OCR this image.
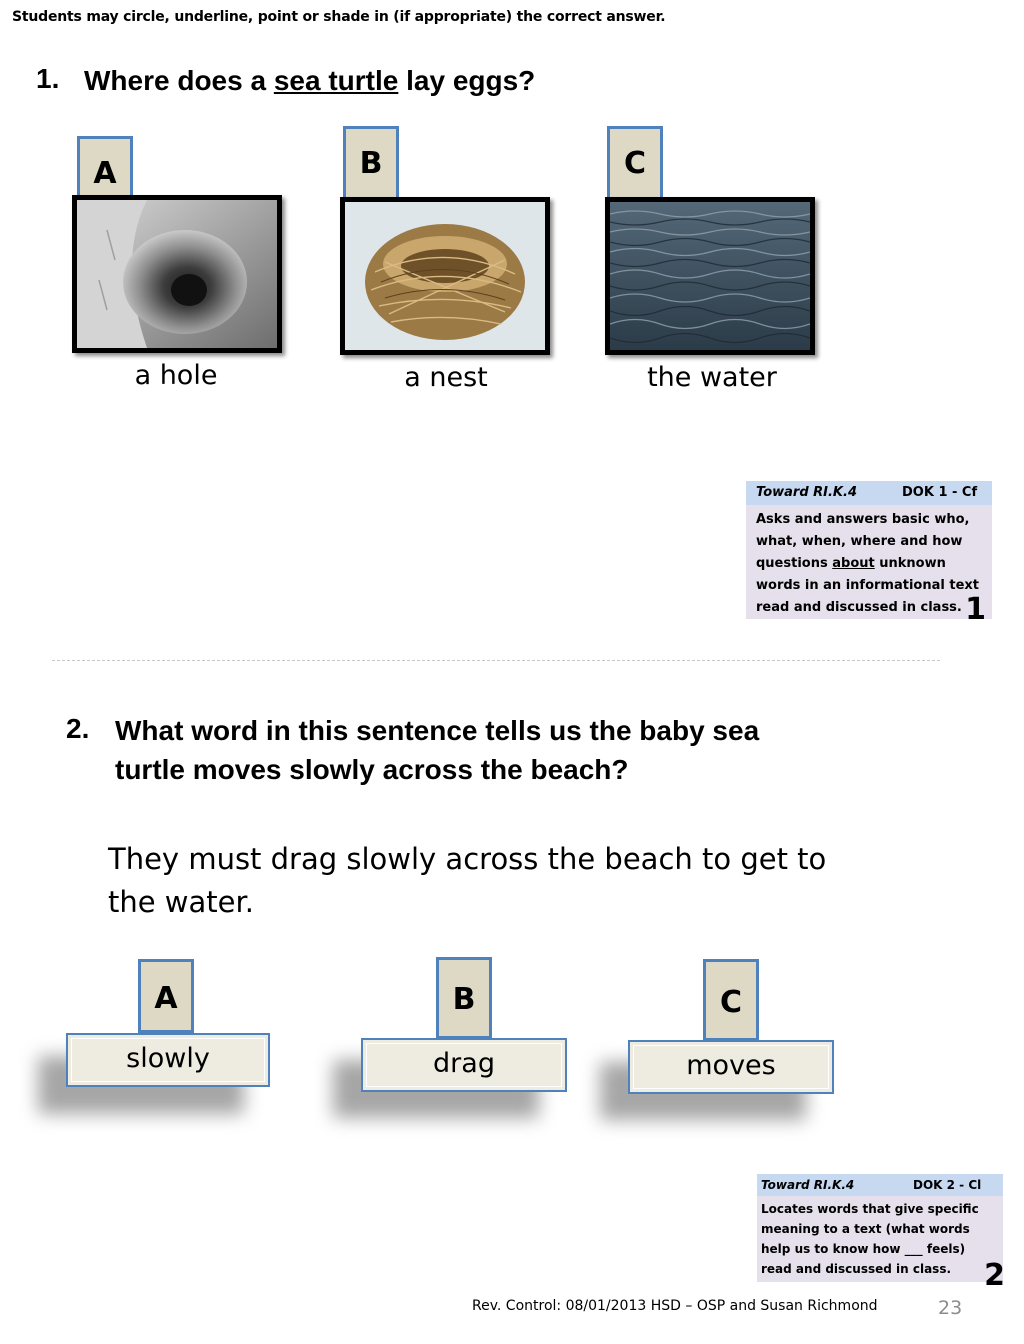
Students may circle, underline, point or shade in (if appropriate) the correct answer.
1. Where does a sea turtle lay eggs?
A
a hole
B
a nest
C
the water
Toward RI.K.4	DOK 1 - Cf
Asks and answers basic who, what, when, where and how questions about unknown words in an informational text read and discussed in class. 1
2. What word in this sentence tells us the baby sea turtle moves slowly across the beach?
They must drag slowly across the beach to get to the water.
A
slowly
B
drag
C
moves
Toward RI.K.4	DOK 2 - Cl
Locates words that give specific meaning to a text (what words help us to know how ___ feels) read and discussed in class. 2
Rev. Control: 08/01/2013 HSD – OSP and Susan Richmond	23
